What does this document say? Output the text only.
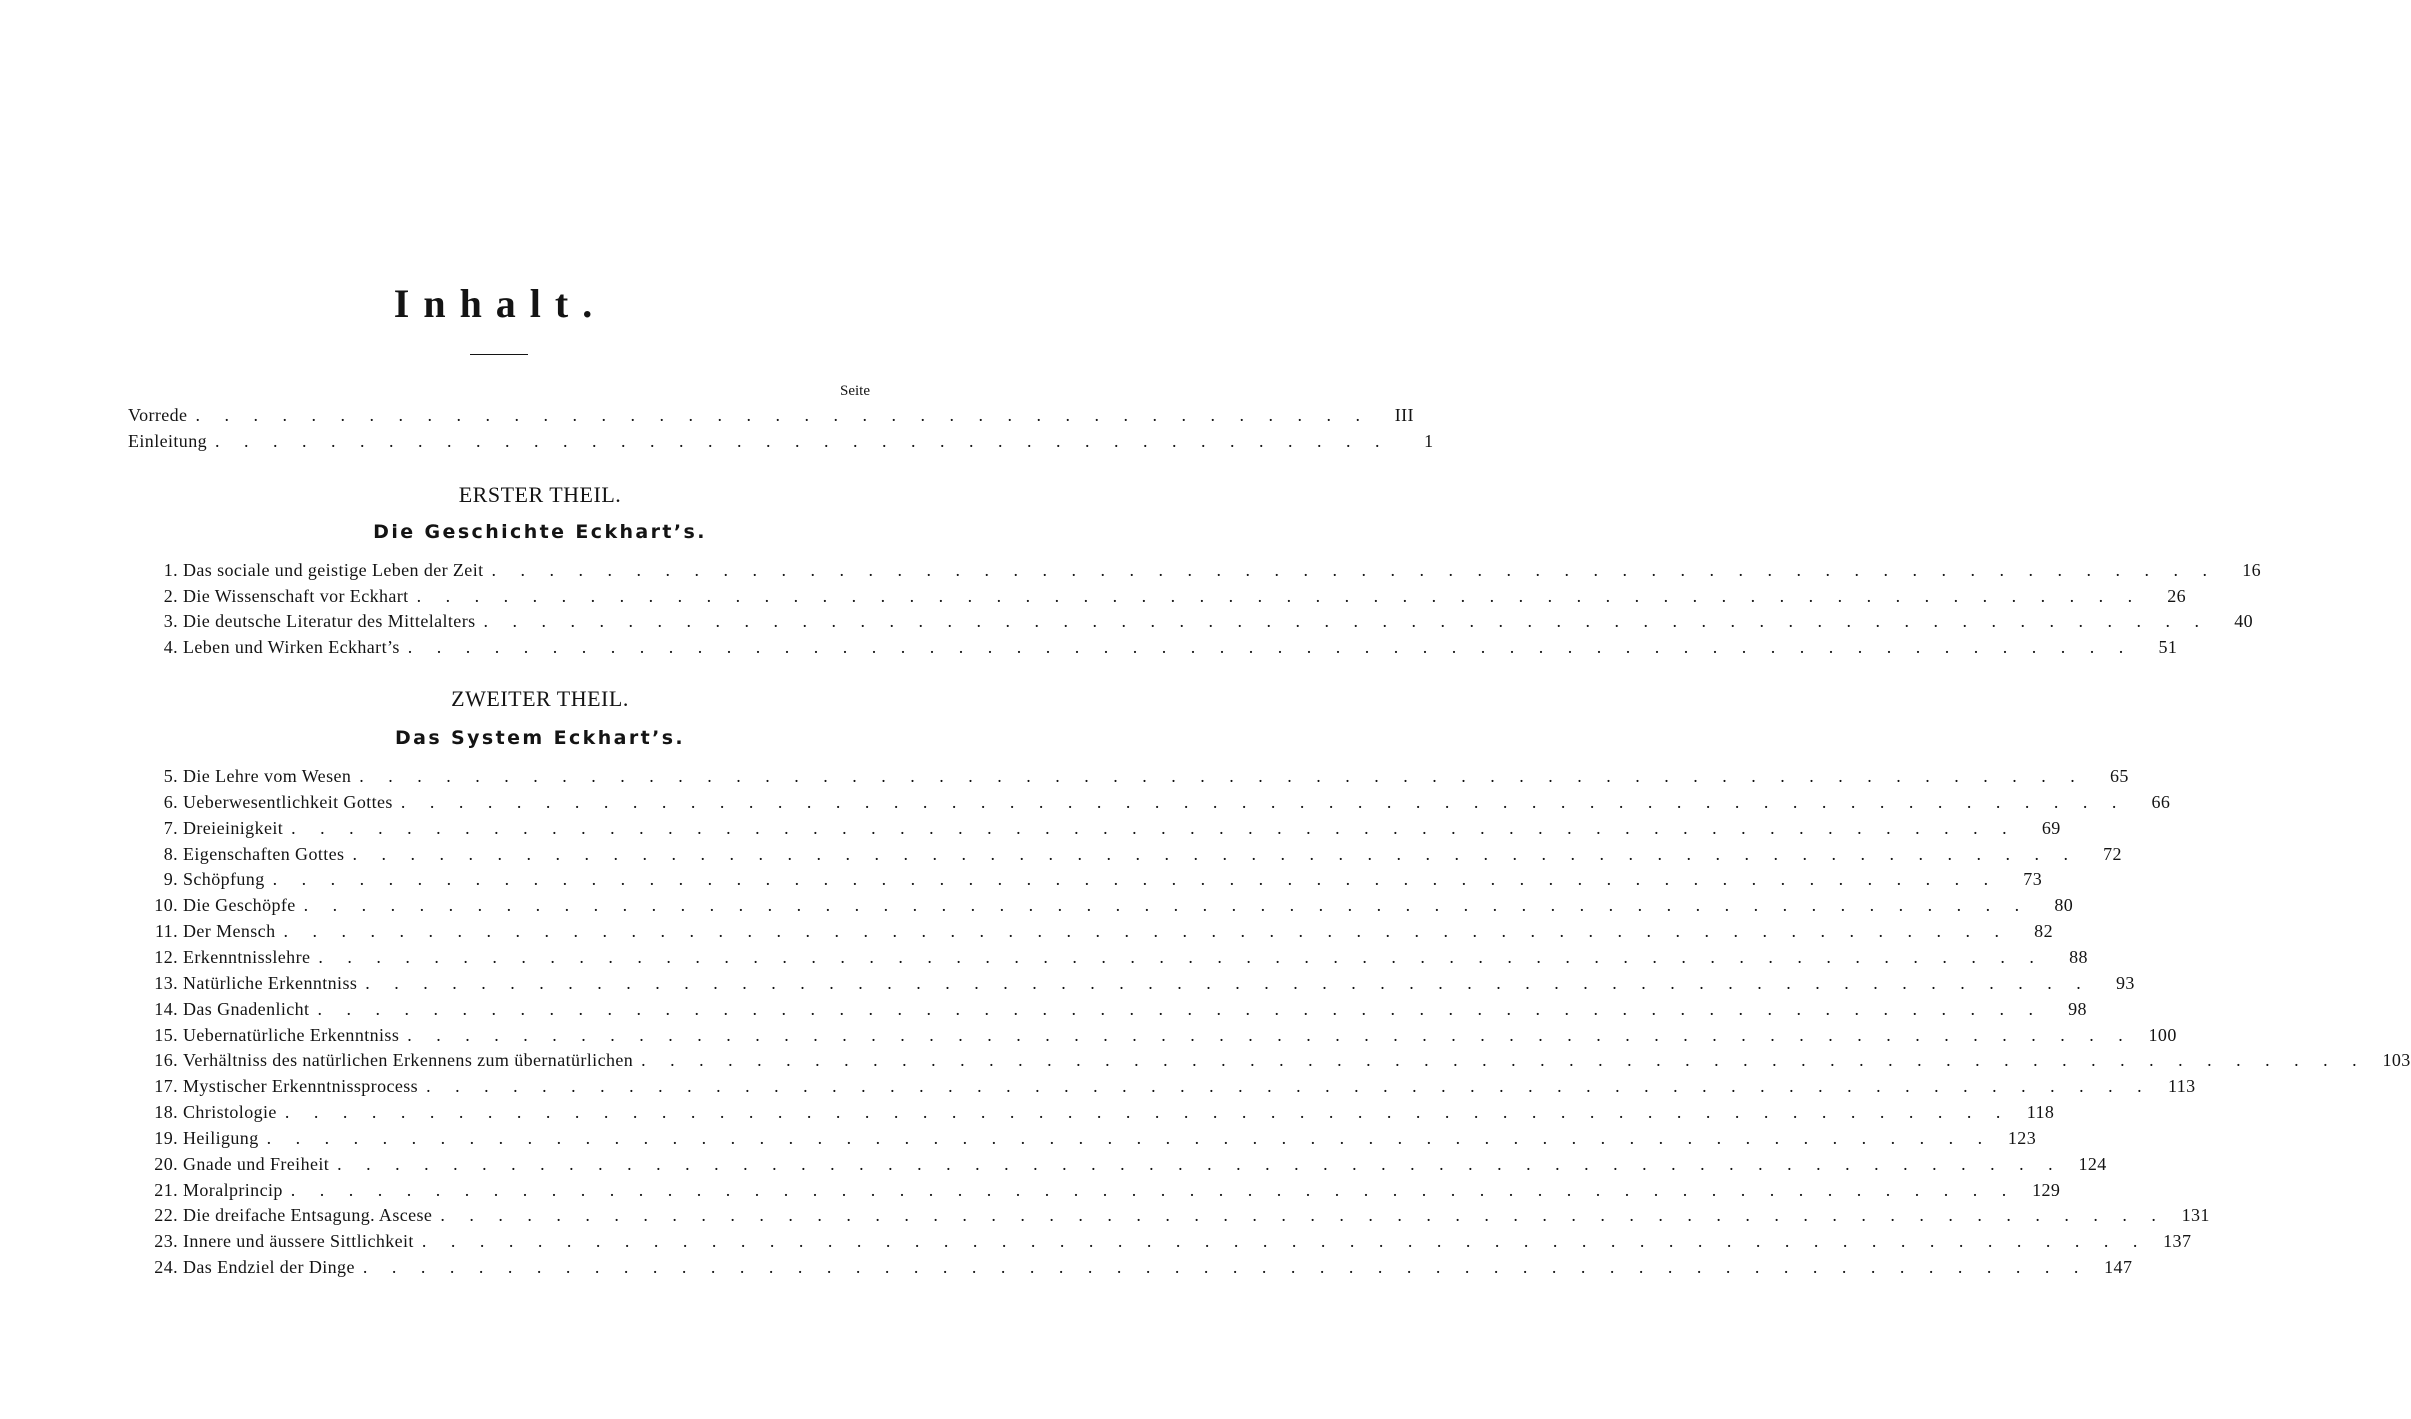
Inhalt.
Seite
Vorrede . . . . . . . . . . . . . . . . . . . . . . . . . . . . . . . . . . . . . . . . .	III
Einleitung . . . . . . . . . . . . . . . . . . . . . . . . . . . . . . . . . . . . . . . . .	1
ERSTER THEIL.
Die Geschichte Eckhart’s.
1. Das sociale und geistige Leben der Zeit . . . . . . . . . . . . . . . . . . . . . . . . . . . . . . . . . . . . . . . . . . . . . . . . . . . . . . . . . . . .	16
2. Die Wissenschaft vor Eckhart . . . . . . . . . . . . . . . . . . . . . . . . . . . . . . . . . . . . . . . . . . . . . . . . . . . . . . . . . . . .	26
3. Die deutsche Literatur des Mittelalters . . . . . . . . . . . . . . . . . . . . . . . . . . . . . . . . . . . . . . . . . . . . . . . . . . . . . . . . . . . .	40
4. Leben und Wirken Eckhart’s . . . . . . . . . . . . . . . . . . . . . . . . . . . . . . . . . . . . . . . . . . . . . . . . . . . . . . . . . . . .	51
ZWEITER THEIL.
Das System Eckhart’s.
5. Die Lehre vom Wesen . . . . . . . . . . . . . . . . . . . . . . . . . . . . . . . . . . . . . . . . . . . . . . . . . . . . . . . . . . . .	65
6. Ueberwesentlichkeit Gottes . . . . . . . . . . . . . . . . . . . . . . . . . . . . . . . . . . . . . . . . . . . . . . . . . . . . . . . . . . . .	66
7. Dreieinigkeit . . . . . . . . . . . . . . . . . . . . . . . . . . . . . . . . . . . . . . . . . . . . . . . . . . . . . . . . . . . .	69
8. Eigenschaften Gottes . . . . . . . . . . . . . . . . . . . . . . . . . . . . . . . . . . . . . . . . . . . . . . . . . . . . . . . . . . . .	72
9. Schöpfung . . . . . . . . . . . . . . . . . . . . . . . . . . . . . . . . . . . . . . . . . . . . . . . . . . . . . . . . . . . .	73
10. Die Geschöpfe . . . . . . . . . . . . . . . . . . . . . . . . . . . . . . . . . . . . . . . . . . . . . . . . . . . . . . . . . . . .	80
11. Der Mensch . . . . . . . . . . . . . . . . . . . . . . . . . . . . . . . . . . . . . . . . . . . . . . . . . . . . . . . . . . . .	82
12. Erkenntnisslehre . . . . . . . . . . . . . . . . . . . . . . . . . . . . . . . . . . . . . . . . . . . . . . . . . . . . . . . . . . . .	88
13. Natürliche Erkenntniss . . . . . . . . . . . . . . . . . . . . . . . . . . . . . . . . . . . . . . . . . . . . . . . . . . . . . . . . . . . .	93
14. Das Gnadenlicht . . . . . . . . . . . . . . . . . . . . . . . . . . . . . . . . . . . . . . . . . . . . . . . . . . . . . . . . . . . .	98
15. Uebernatürliche Erkenntniss . . . . . . . . . . . . . . . . . . . . . . . . . . . . . . . . . . . . . . . . . . . . . . . . . . . . . . . . . . . . 100
16. Verhältniss des natürlichen Erkennens zum übernatürlichen . . . . . . . . . . . . . . . . . . . . . . . . . . . . . . . . . . . . . . . . . . . . . . . . . . . . . . . . . . . . 103
17. Mystischer Erkenntnissprocess . . . . . . . . . . . . . . . . . . . . . . . . . . . . . . . . . . . . . . . . . . . . . . . . . . . . . . . . . . . . 113
18. Christologie . . . . . . . . . . . . . . . . . . . . . . . . . . . . . . . . . . . . . . . . . . . . . . . . . . . . . . . . . . . . 118
19. Heiligung . . . . . . . . . . . . . . . . . . . . . . . . . . . . . . . . . . . . . . . . . . . . . . . . . . . . . . . . . . . . 123
20. Gnade und Freiheit . . . . . . . . . . . . . . . . . . . . . . . . . . . . . . . . . . . . . . . . . . . . . . . . . . . . . . . . . . . . 124
21. Moralprincip . . . . . . . . . . . . . . . . . . . . . . . . . . . . . . . . . . . . . . . . . . . . . . . . . . . . . . . . . . . . 129
22. Die dreifache Entsagung. Ascese . . . . . . . . . . . . . . . . . . . . . . . . . . . . . . . . . . . . . . . . . . . . . . . . . . . . . . . . . . . . 131
23. Innere und äussere Sittlichkeit . . . . . . . . . . . . . . . . . . . . . . . . . . . . . . . . . . . . . . . . . . . . . . . . . . . . . . . . . . . . 137
24. Das Endziel der Dinge . . . . . . . . . . . . . . . . . . . . . . . . . . . . . . . . . . . . . . . . . . . . . . . . . . . . . . . . . . . . 147
